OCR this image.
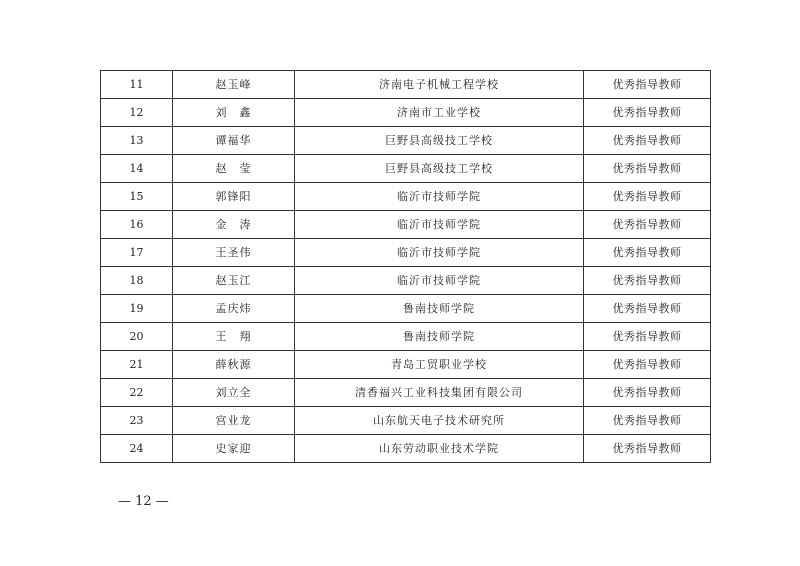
11	赵玉峰	济南电子机械工程学校	优秀指导教师
12	刘　鑫	济南市工业学校	优秀指导教师
13	谭福华	巨野县高级技工学校	优秀指导教师
14	赵　莹	巨野县高级技工学校	优秀指导教师
15	郭锋阳	临沂市技师学院	优秀指导教师
16	金　涛	临沂市技师学院	优秀指导教师
17	王圣伟	临沂市技师学院	优秀指导教师
18	赵玉江	临沂市技师学院	优秀指导教师
19	孟庆炜	鲁南技师学院	优秀指导教师
20	王　翔	鲁南技师学院	优秀指导教师
21	薛秋源	青岛工贸职业学校	优秀指导教师
22	刘立全	清香福兴工业科技集团有限公司	优秀指导教师
23	宫业龙	山东航天电子技术研究所	优秀指导教师
24	史家迎	山东劳动职业技术学院	优秀指导教师
— 12 —
